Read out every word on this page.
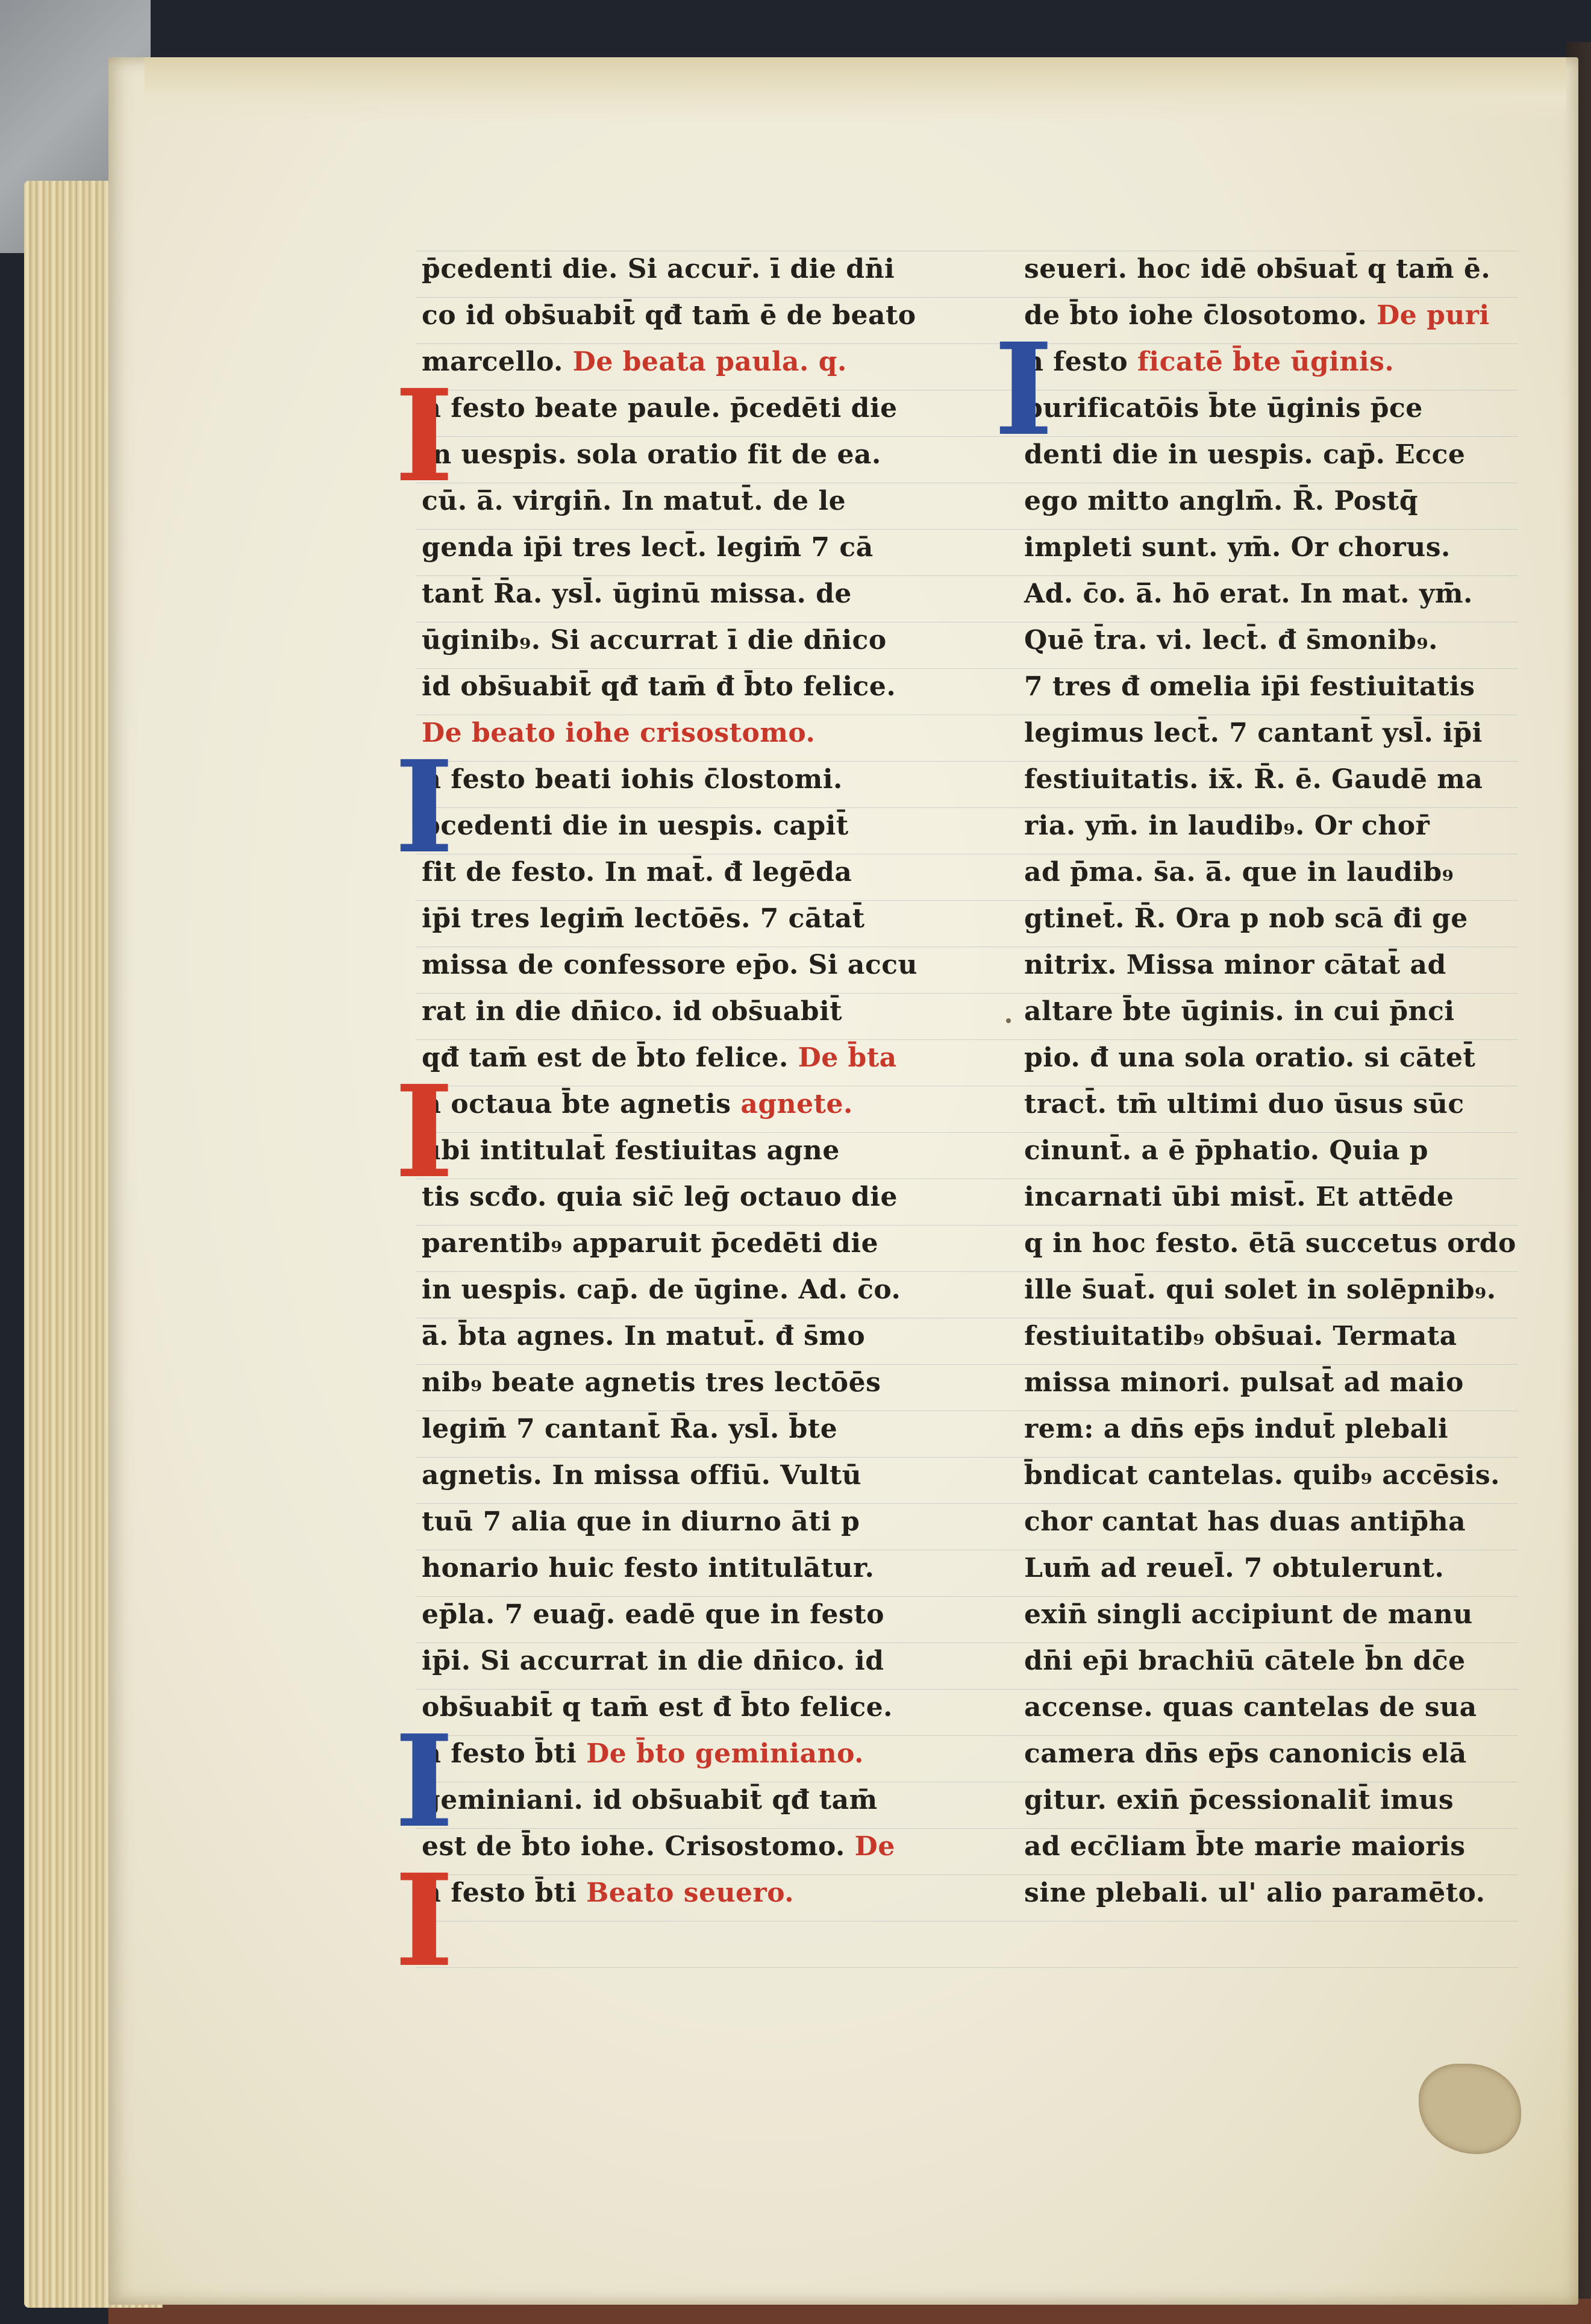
p̄cedenti die. Si accur̄. ī die dn̄i
co id obs̄uabit̄ qđ tam̄ ē de beato
marcello. De beata paula. q.
n festo beate paule. p̄cedēti die
in uespis. sola oratio fit de ea.
cū. a̅. virgin̄. In matut̄. de le
genda ip̄i tres lect̄. legim̄ 7 cā
tant̄ R̄a. ysl̄. ūginū missa. de
ūginib₉. Si accurrat ī die dn̄ico
id obs̄uabit̄ qđ tam̄ đ b̄to felice.
De beato iohe crisostomo.
n festo beati iohis c̄lostomi.
p̄cedenti die in uespis. capit̄
fit de festo. In mat̄. đ legēda
ip̄i tres legim̄ lectōēs. 7 cātat̄
missa de confessore ep̄o. Si accu
rat in die dn̄ico. id obs̄uabit̄
qđ tam̄ est de b̄to felice. De b̄ta
n octaua b̄te agnetis agnete.
ubi intitulat̄ festiuitas agne
tis scđo. quia sic̄ leḡ octauo die
parentib₉ apparuit p̄cedēti die
in uespis. cap̄. de ūgine. Ad. c̄o.
a̅. b̄ta agnes. In matut̄. đ s̄mo
nib₉ beate agnetis tres lectōēs
legim̄ 7 cantant̄ R̄a. ysl̄. b̄te
agnetis. In missa offiū. Vultū
tuū 7 alia que in diurno āti p
honario huic festo intitulātur.
ep̄la. 7 euaḡ. eadē que in festo
ip̄i. Si accurrat in die dn̄ico. id
obs̄uabit̄ q tam̄ est đ b̄to felice.
n festo b̄ti De b̄to geminiano.
geminiani. id obs̄uabit̄ qđ tam̄
est de b̄to iohe. Crisostomo. De
n festo b̄ti Beato seuero.
seueri. hoc idē obs̄uat̄ q tam̄ ē.
de b̄to iohe c̄losotomo. De puri
n festo ficatē b̄te ūginis.
purificatōis b̄te ūginis p̄ce
denti die in uespis. cap̄. Ecce
ego mitto anglm̄. R̄. Postq̄
impleti sunt. ym̄. Or chorus.
Ad. c̄o. a̅. hō erat. In mat. ym̄.
Quē t̄ra. vi. lect̄. đ s̄monib₉.
7 tres đ omelia ip̄i festiuitatis
legimus lect̄. 7 cantant̄ ysl̄. ip̄i
festiuitatis. ix̄. R̄. ē. Gaudē ma
ria. ym̄. in laudib₉. Or chor̄
ad p̄ma. s̄a. a̅. que in laudib₉
gtinet̄. R̄. Ora p nob scā đi ge
nitrix. Missa minor cātat̄ ad
altare b̄te ūginis. in cui p̄nci
pio. đ una sola oratio. si cātet̄
tract̄. tm̄ ultimi duo ūsus sūc
cinunt̄. a ē p̄phatio. Quia p
incarnati ūbi mist̄. Et attēde
q in hoc festo. ētā succetus ordo
ille s̄uat̄. qui solet in solēpnib₉.
festiuitatib₉ obs̄uai. Termata
missa minori. pulsat̄ ad maio
rem: a dn̄s ep̄s indut̄ plebali
b̄ndicat cantelas. quib₉ accēsis.
chor cantat has duas antip̄ha
Lum̄ ad reuel̄. 7 obtulerunt.
exin̄ singli accipiunt de manu
dn̄i ep̄i brachiū cātele b̄n dc̄e
accense. quas cantelas de sua
camera dn̄s ep̄s canonicis elā
gitur. exin̄ p̄cessionalit̄ imus
ad ecc̄liam b̄te marie maioris
sine plebali. ul' alio paramēto.
I
I
I
I
I
I
